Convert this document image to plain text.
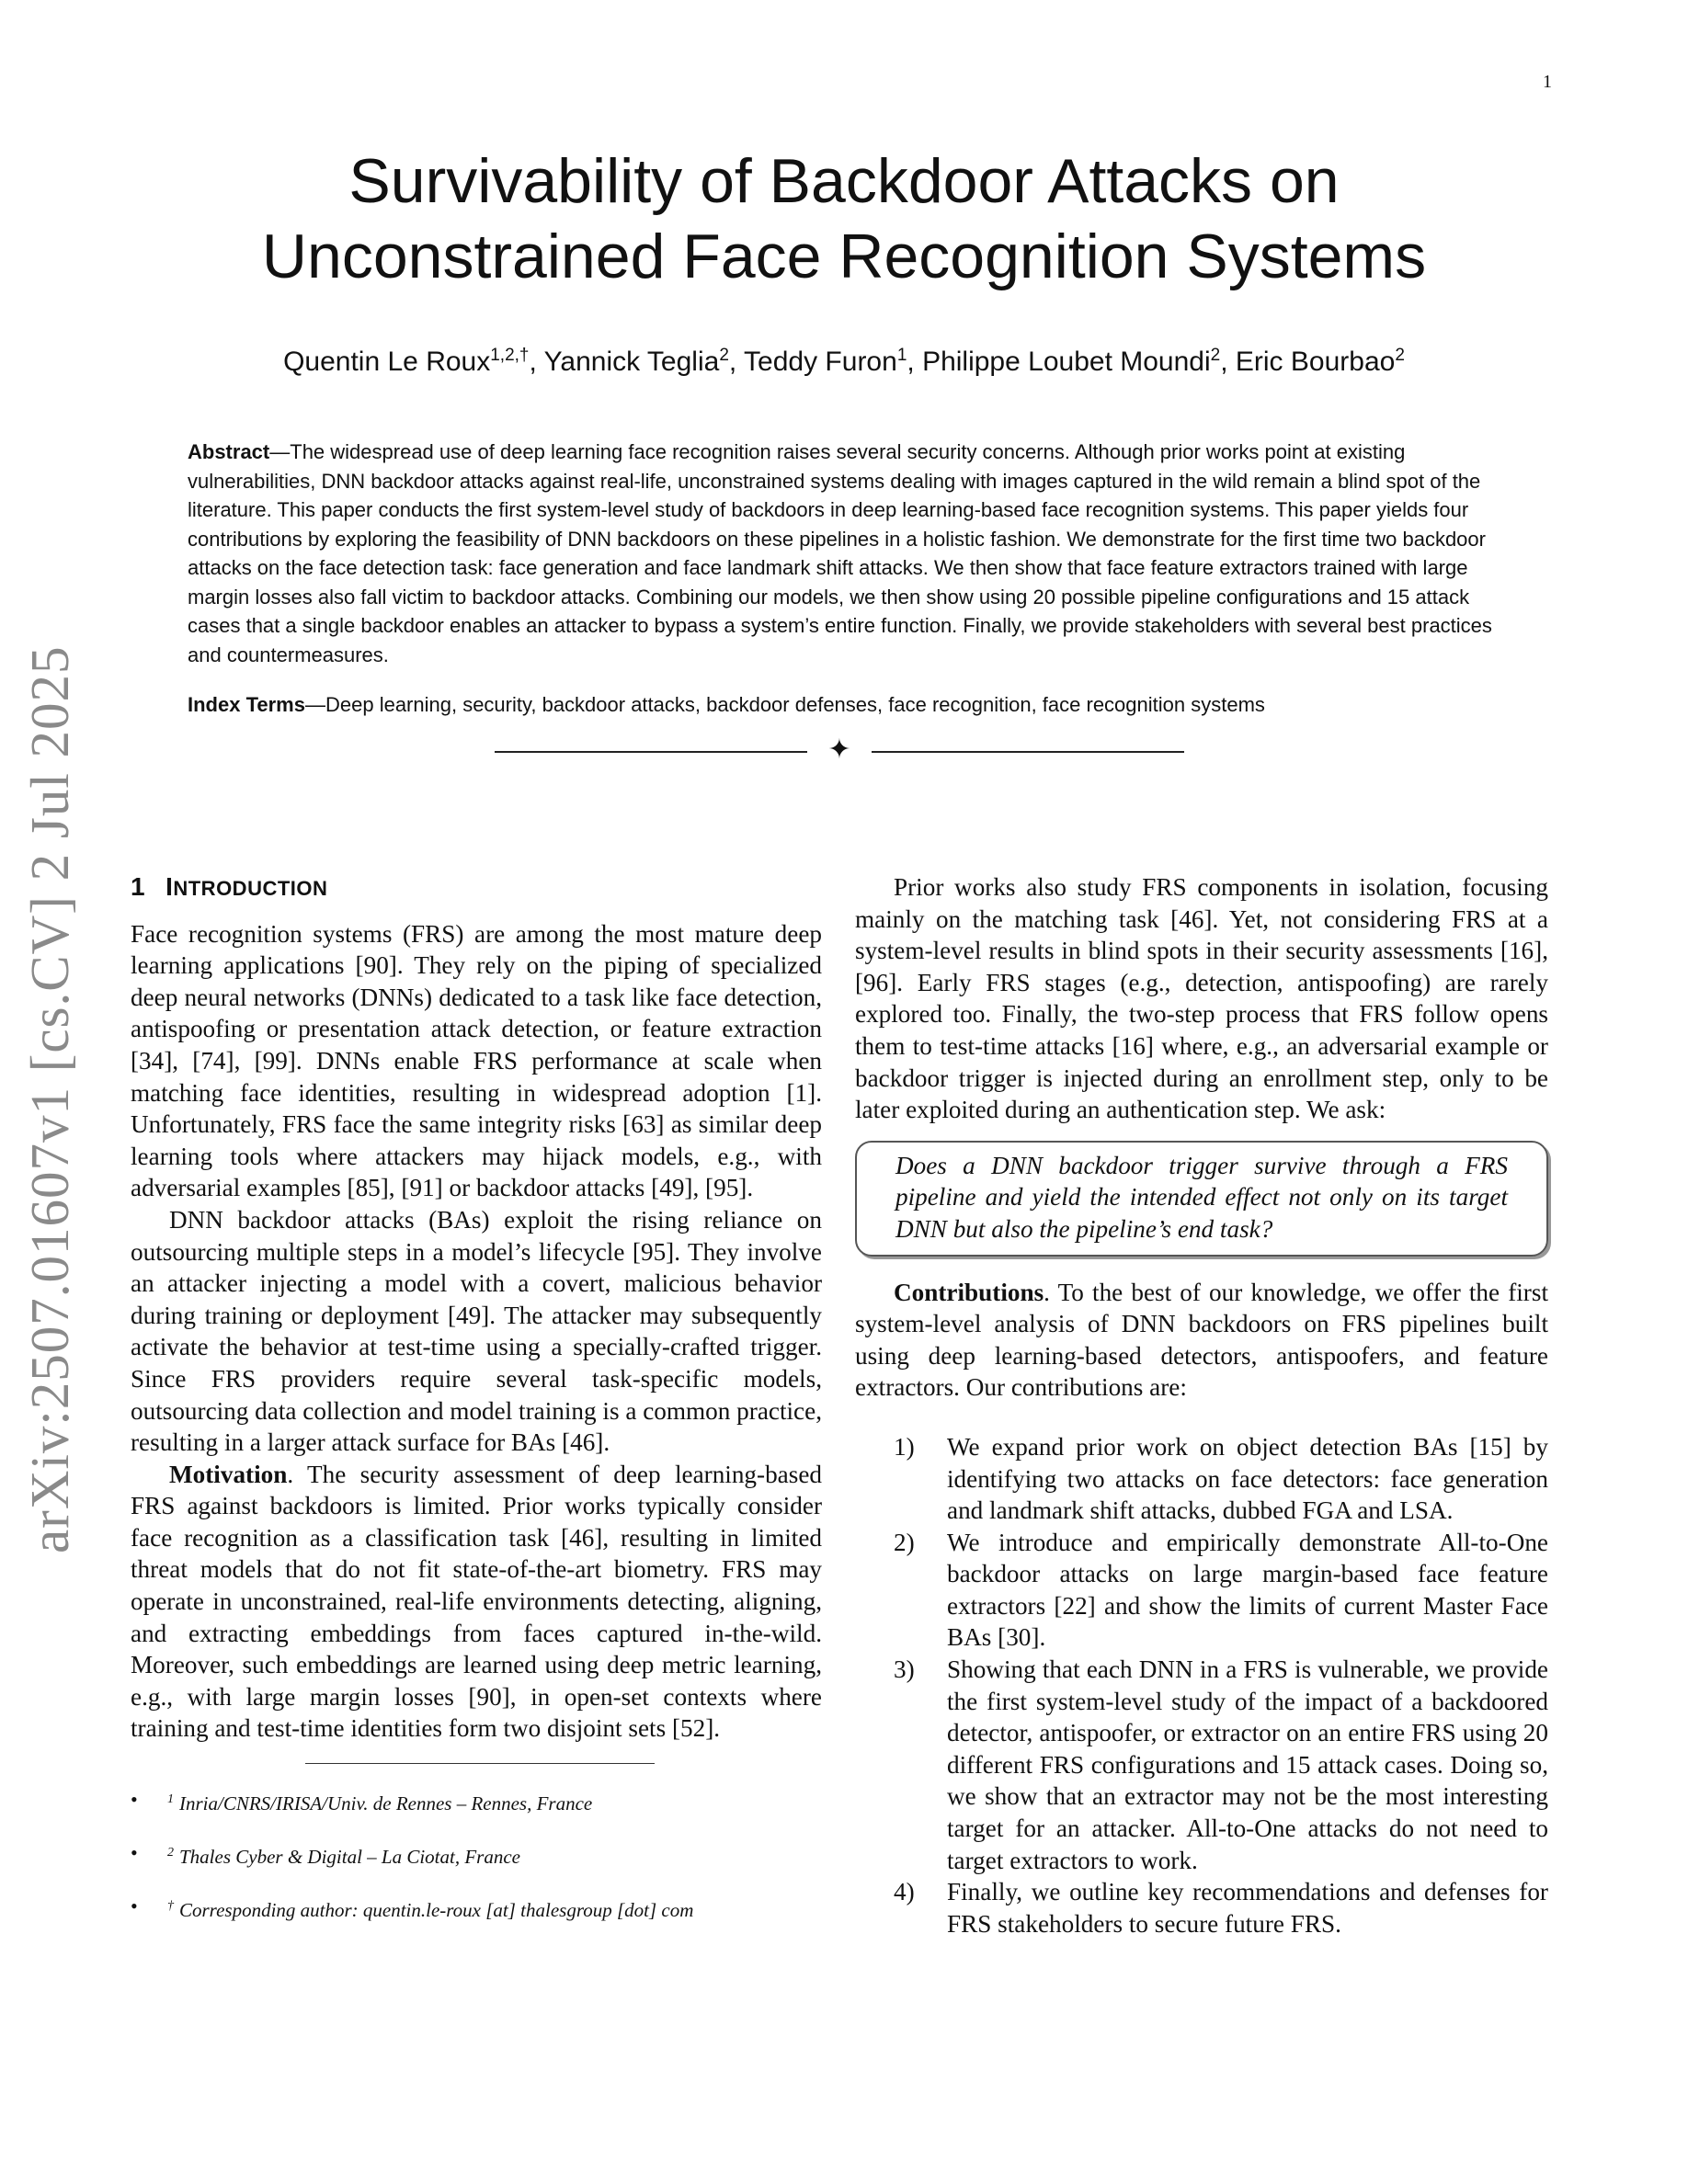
1
arXiv:2507.01607v1 [cs.CV] 2 Jul 2025
Survivability of Backdoor Attacks on
Unconstrained Face Recognition Systems
Quentin Le Roux$^{1,2,\dagger}$, Yannick Teglia$^2$, Teddy Furon$^1$, Philippe Loubet Moundi$^2$, Eric Bourbao$^2$
Abstract—The widespread use of deep learning face recognition raises several security concerns. Although prior works point at existing vulnerabilities, DNN backdoor attacks against real-life, unconstrained systems dealing with images captured in the wild remain a blind spot of the literature. This paper conducts the first system-level study of backdoors in deep learning-based face recognition systems. This paper yields four contributions by exploring the feasibility of DNN backdoors on these pipelines in a holistic fashion. We demonstrate for the first time two backdoor attacks on the face detection task: face generation and face landmark shift attacks. We then show that face feature extractors trained with large margin losses also fall victim to backdoor attacks. Combining our models, we then show using 20 possible pipeline configurations and 15 attack cases that a single backdoor enables an attacker to bypass a system’s entire function. Finally, we provide stakeholders with several best practices and countermeasures.
Index Terms—Deep learning, security, backdoor attacks, backdoor defenses, face recognition, face recognition systems
✦
1 INTRODUCTION

Face recognition systems (FRS) are among the most mature deep learning applications [90]. They rely on the piping of specialized deep neural networks (DNNs) dedicated to a task like face detection, antispoofing or presentation attack detection, or feature extraction [34], [74], [99]. DNNs enable FRS performance at scale when matching face identities, resulting in widespread adoption [1]. Unfortunately, FRS face the same integrity risks [63] as similar deep learning tools where attackers may hijack models, e.g., with adversarial examples [85], [91] or backdoor attacks [49], [95].

DNN backdoor attacks (BAs) exploit the rising reliance on outsourcing multiple steps in a model’s lifecycle [95]. They involve an attacker injecting a model with a covert, malicious behavior during training or deployment [49]. The attacker may subsequently activate the behavior at test-time using a specially-crafted trigger. Since FRS providers require several task-specific models, outsourcing data collection and model training is a common practice, resulting in a larger attack surface for BAs [46].

Motivation. The security assessment of deep learning-based FRS against backdoors is limited. Prior works typically consider face recognition as a classification task [46], resulting in limited threat models that do not fit state-of-the-art biometry. FRS may operate in unconstrained, real-life environments detecting, aligning, and extracting embeddings from faces captured in-the-wild. Moreover, such embeddings are learned using deep metric learning, e.g., with large margin losses [90], in open-set contexts where training and test-time identities form two disjoint sets [52].

• $^1$ Inria/CNRS/IRISA/Univ. de Rennes – Rennes, France
• $^2$ Thales Cyber & Digital – La Ciotat, France
• † Corresponding author: quentin.le-roux [at] thalesgroup [dot] com

Prior works also study FRS components in isolation, focusing mainly on the matching task [46]. Yet, not considering FRS at a system-level results in blind spots in their security assessments [16], [96]. Early FRS stages (e.g., detection, antispoofing) are rarely explored too. Finally, the two-step process that FRS follow opens them to test-time attacks [16] where, e.g., an adversarial example or backdoor trigger is injected during an enrollment step, only to be later exploited during an authentication step. We ask:

Does a DNN backdoor trigger survive through a FRS pipeline and yield the intended effect not only on its target DNN but also the pipeline’s end task?

Contributions. To the best of our knowledge, we offer the first system-level analysis of DNN backdoors on FRS pipelines built using deep learning-based detectors, antispoofers, and feature extractors. Our contributions are:

1) We expand prior work on object detection BAs [15] by identifying two attacks on face detectors: face generation and landmark shift attacks, dubbed FGA and LSA.
2) We introduce and empirically demonstrate All-to-One backdoor attacks on large margin-based face feature extractors [22] and show the limits of current Master Face BAs [30].
3) Showing that each DNN in a FRS is vulnerable, we provide the first system-level study of the impact of a backdoored detector, antispoofer, or extractor on an entire FRS using 20 different FRS configurations and 15 attack cases. Doing so, we show that an extractor may not be the most interesting target for an attacker. All-to-One attacks do not need to target extractors to work.
4) Finally, we outline key recommendations and defenses for FRS stakeholders to secure future FRS.
